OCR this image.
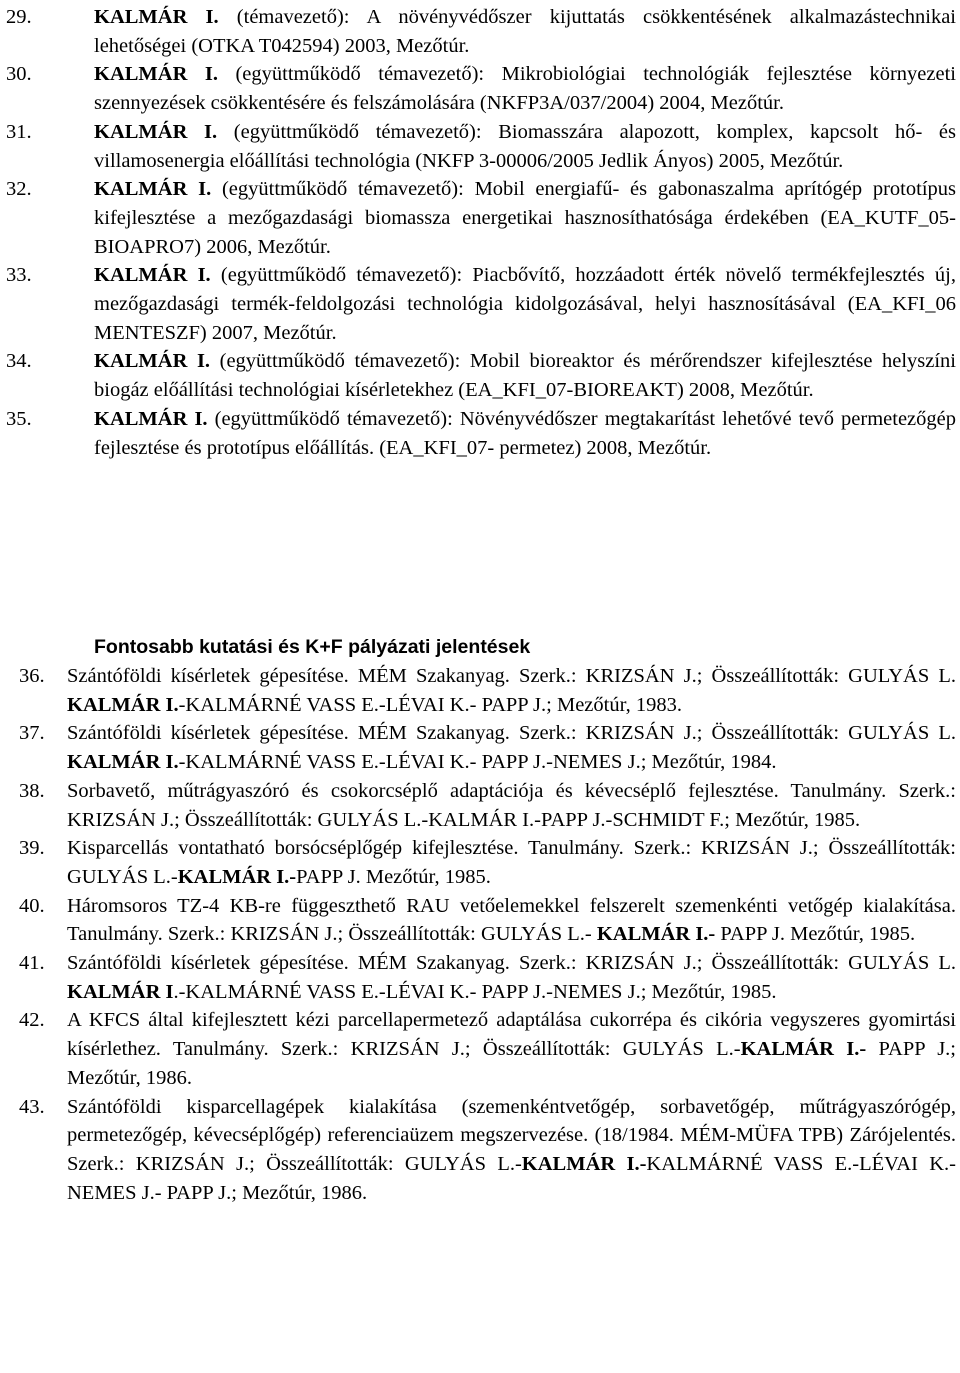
29.	KALMÁR I. (témavezető): A növényvédőszer kijuttatás csökkentésének alkalmazástechnikai lehetőségei (OTKA T042594) 2003, Mezőtúr.
30.	KALMÁR I. (együttműködő témavezető): Mikrobiológiai technológiák fejlesztése környezeti szennyezések csökkentésére és felszámolására (NKFP3A/037/2004) 2004, Mezőtúr.
31.	KALMÁR I. (együttműködő témavezető): Biomasszára alapozott, komplex, kapcsolt hő- és villamosenergia előállítási technológia (NKFP 3-00006/2005 Jedlik Ányos) 2005, Mezőtúr.
32.	KALMÁR I. (együttműködő témavezető): Mobil energiafű- és gabonaszalma aprítógép prototípus kifejlesztése a mezőgazdasági biomassza energetikai hasznosíthatósága érdekében (EA_KUTF_05-BIOAPRO7) 2006, Mezőtúr.
33.	KALMÁR I. (együttműködő témavezető): Piacbővítő, hozzáadott érték növelő termékfejlesztés új, mezőgazdasági termék-feldolgozási technológia kidolgozásával, helyi hasznosításával (EA_KFI_06 MENTESZF) 2007, Mezőtúr.
34.	KALMÁR I. (együttműködő témavezető): Mobil bioreaktor és mérőrendszer kifejlesztése helyszíni biogáz előállítási technológiai kísérletekhez (EA_KFI_07-BIOREAKT) 2008, Mezőtúr.
35.	KALMÁR I. (együttműködő témavezető): Növényvédőszer megtakarítást lehetővé tevő permetezőgép fejlesztése és prototípus előállítás. (EA_KFI_07- permetez) 2008, Mezőtúr.
Fontosabb kutatási és K+F pályázati jelentések
36. Szántóföldi kísérletek gépesítése. MÉM Szakanyag. Szerk.: KRIZSÁN J.; Összeállították: GULYÁS L. KALMÁR I.-KALMÁRNÉ VASS E.-LÉVAI K.- PAPP J.; Mezőtúr, 1983.
37. Szántóföldi kísérletek gépesítése. MÉM Szakanyag. Szerk.: KRIZSÁN J.; Összeállították: GULYÁS L. KALMÁR I.-KALMÁRNÉ VASS E.-LÉVAI K.- PAPP J.-NEMES J.; Mezőtúr, 1984.
38. Sorbavető, műtrágyaszóró és csokorcséplő adaptációja és kévecséplő fejlesztése. Tanulmány. Szerk.: KRIZSÁN J.; Összeállították: GULYÁS L.-KALMÁR I.-PAPP J.-SCHMIDT F.; Mezőtúr, 1985.
39. Kisparcellás vontatható borsócséplőgép kifejlesztése. Tanulmány. Szerk.: KRIZSÁN J.; Összeállították: GULYÁS L.-KALMÁR I.-PAPP J. Mezőtúr, 1985.
40. Háromsoros TZ-4 KB-re függeszthető RAU vetőelemekkel felszerelt szemenkénti vetőgép kialakítása. Tanulmány. Szerk.: KRIZSÁN J.; Összeállították: GULYÁS L.- KALMÁR I.- PAPP J. Mezőtúr, 1985.
41. Szántóföldi kísérletek gépesítése. MÉM Szakanyag. Szerk.: KRIZSÁN J.; Összeállították: GULYÁS L. KALMÁR I.-KALMÁRNÉ VASS E.-LÉVAI K.- PAPP J.-NEMES J.; Mezőtúr, 1985.
42. A KFCS által kifejlesztett kézi parcellapermetező adaptálása cukorrépa és cikória vegyszeres gyomirtási kísérlethez. Tanulmány. Szerk.: KRIZSÁN J.; Összeállították: GULYÁS L.-KALMÁR I.- PAPP J.; Mezőtúr, 1986.
43. Szántóföldi kisparcellagépek kialakítása (szemenkéntvetőgép, sorbavetőgép, műtrágyaszórógép, permetezőgép, kévecséplőgép) referenciaüzem megszervezése. (18/1984. MÉM-MÜFA TPB) Zárójelentés. Szerk.: KRIZSÁN J.; Összeállították: GULYÁS L.-KALMÁR I.-KALMÁRNÉ VASS E.-LÉVAI K.-NEMES J.- PAPP J.; Mezőtúr, 1986.
